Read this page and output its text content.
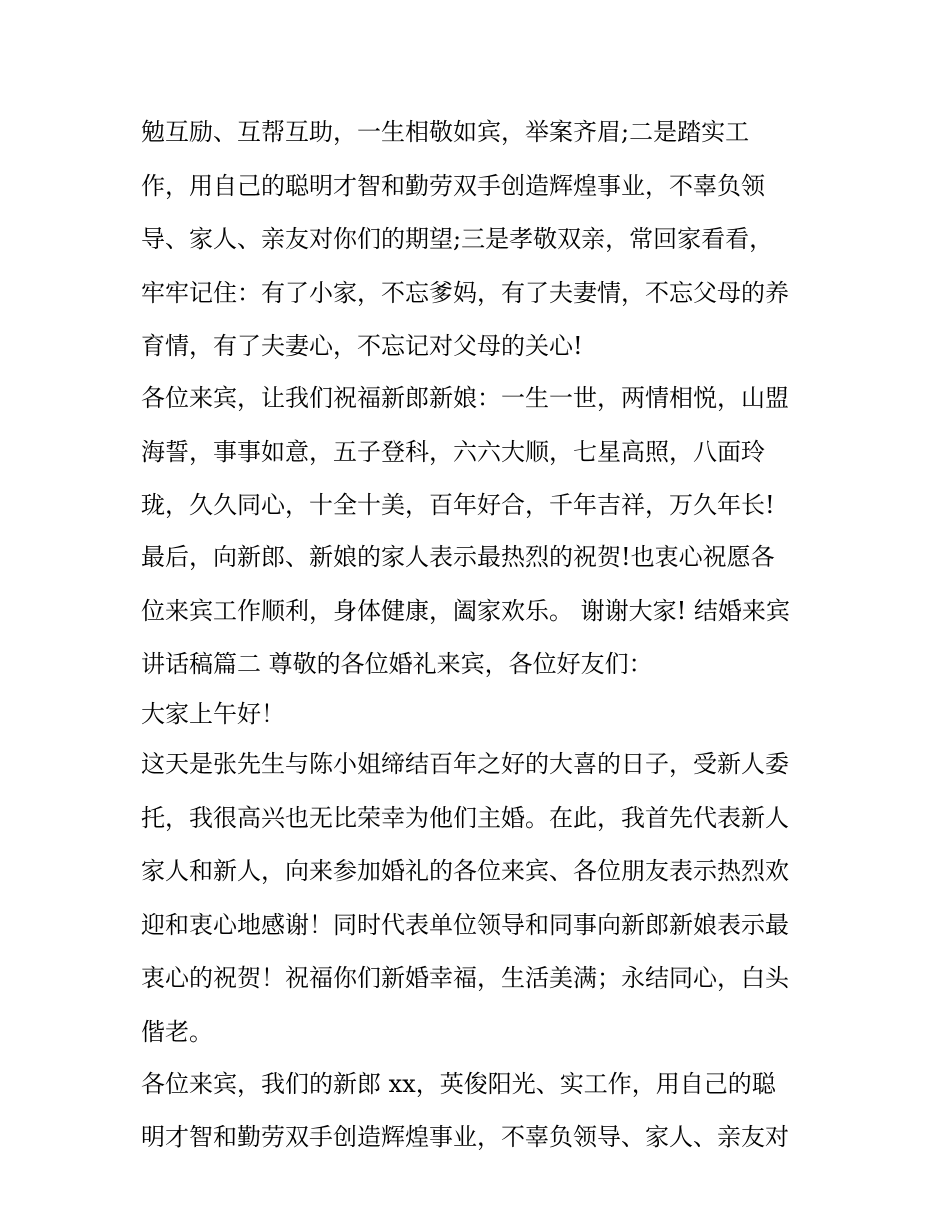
勉互励、互帮互助，一生相敬如宾，举案齐眉;二是踏实工

作，用自己的聪明才智和勤劳双手创造辉煌事业，不辜负领

导、家人、亲友对你们的期望;三是孝敬双亲，常回家看看，

牢牢记住：有了小家，不忘爹妈，有了夫妻情，不忘父母的养

育情，有了夫妻心，不忘记对父母的关心!

各位来宾，让我们祝福新郎新娘：一生一世，两情相悦，山盟

海誓，事事如意，五子登科，六六大顺，七星高照，八面玲

珑，久久同心，十全十美，百年好合，千年吉祥，万久年长!

最后，向新郎、新娘的家人表示最热烈的祝贺!也衷心祝愿各

位来宾工作顺利，身体健康，阖家欢乐。 谢谢大家! 结婚来宾

讲话稿篇二 尊敬的各位婚礼来宾，各位好友们：

大家上午好！

这天是张先生与陈小姐缔结百年之好的大喜的日子，受新人委

托，我很高兴也无比荣幸为他们主婚。在此，我首先代表新人

家人和新人，向来参加婚礼的各位来宾、各位朋友表示热烈欢

迎和衷心地感谢！同时代表单位领导和同事向新郎新娘表示最

衷心的祝贺！祝福你们新婚幸福，生活美满；永结同心，白头

偕老。

各位来宾，我们的新郎 xx，英俊阳光、实工作，用自己的聪

明才智和勤劳双手创造辉煌事业，不辜负领导、家人、亲友对
